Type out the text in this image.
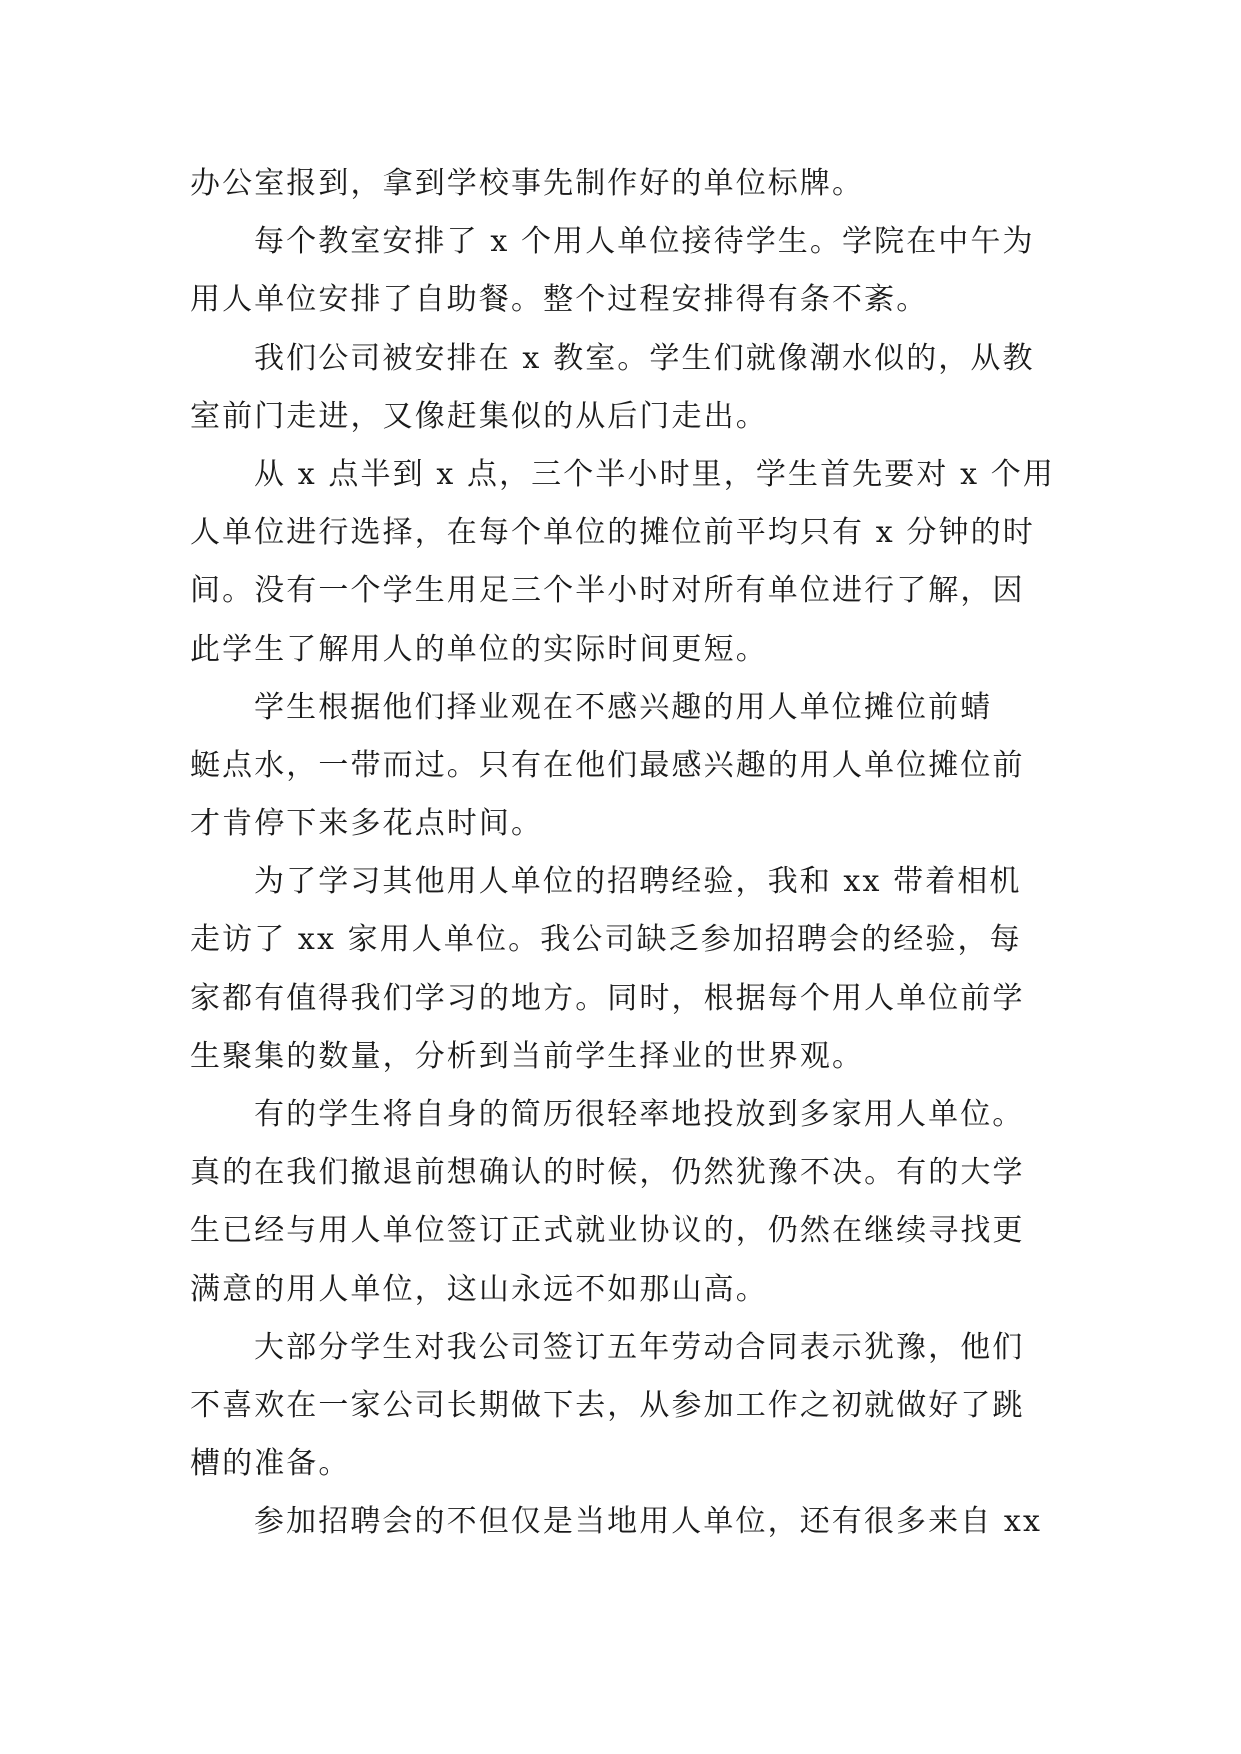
办公室报到，拿到学校事先制作好的单位标牌。
每个教室安排了 x 个用人单位接待学生。学院在中午为
用人单位安排了自助餐。整个过程安排得有条不紊。
我们公司被安排在 x 教室。学生们就像潮水似的，从教
室前门走进，又像赶集似的从后门走出。
从 x 点半到 x 点，三个半小时里，学生首先要对 x 个用
人单位进行选择，在每个单位的摊位前平均只有 x 分钟的时
间。没有一个学生用足三个半小时对所有单位进行了解，因
此学生了解用人的单位的实际时间更短。
学生根据他们择业观在不感兴趣的用人单位摊位前蜻
蜓点水，一带而过。只有在他们最感兴趣的用人单位摊位前
才肯停下来多花点时间。
为了学习其他用人单位的招聘经验，我和 xx 带着相机
走访了 xx 家用人单位。我公司缺乏参加招聘会的经验，每
家都有值得我们学习的地方。同时，根据每个用人单位前学
生聚集的数量，分析到当前学生择业的世界观。
有的学生将自身的简历很轻率地投放到多家用人单位。
真的在我们撤退前想确认的时候，仍然犹豫不决。有的大学
生已经与用人单位签订正式就业协议的，仍然在继续寻找更
满意的用人单位，这山永远不如那山高。
大部分学生对我公司签订五年劳动合同表示犹豫，他们
不喜欢在一家公司长期做下去，从参加工作之初就做好了跳
槽的准备。
参加招聘会的不但仅是当地用人单位，还有很多来自 xx
